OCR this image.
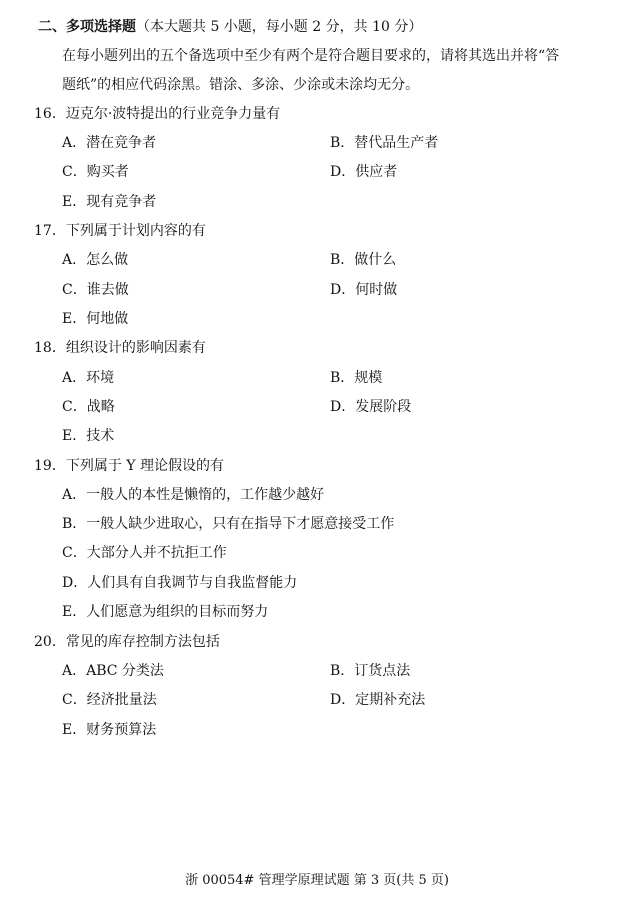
二、多项选择题（本大题共 5 小题，每小题 2 分，共 10 分）
在每小题列出的五个备选项中至少有两个是符合题目要求的，请将其选出并将“答
题纸”的相应代码涂黑。错涂、多涂、少涂或未涂均无分。
16．迈克尔·波特提出的行业竞争力量有
A．潜在竞争者	B．替代品生产者
C．购买者	D．供应者
E．现有竞争者
17．下列属于计划内容的有
A．怎么做	B．做什么
C．谁去做	D．何时做
E．何地做
18．组织设计的影响因素有
A．环境	B．规模
C．战略	D．发展阶段
E．技术
19．下列属于 Y 理论假设的有
A．一般人的本性是懒惰的，工作越少越好
B．一般人缺少进取心，只有在指导下才愿意接受工作
C．大部分人并不抗拒工作
D．人们具有自我调节与自我监督能力
E．人们愿意为组织的目标而努力
20．常见的库存控制方法包括
A．ABC 分类法	B．订货点法
C．经济批量法	D．定期补充法
E．财务预算法
浙 00054# 管理学原理试题 第 3 页(共 5 页)
